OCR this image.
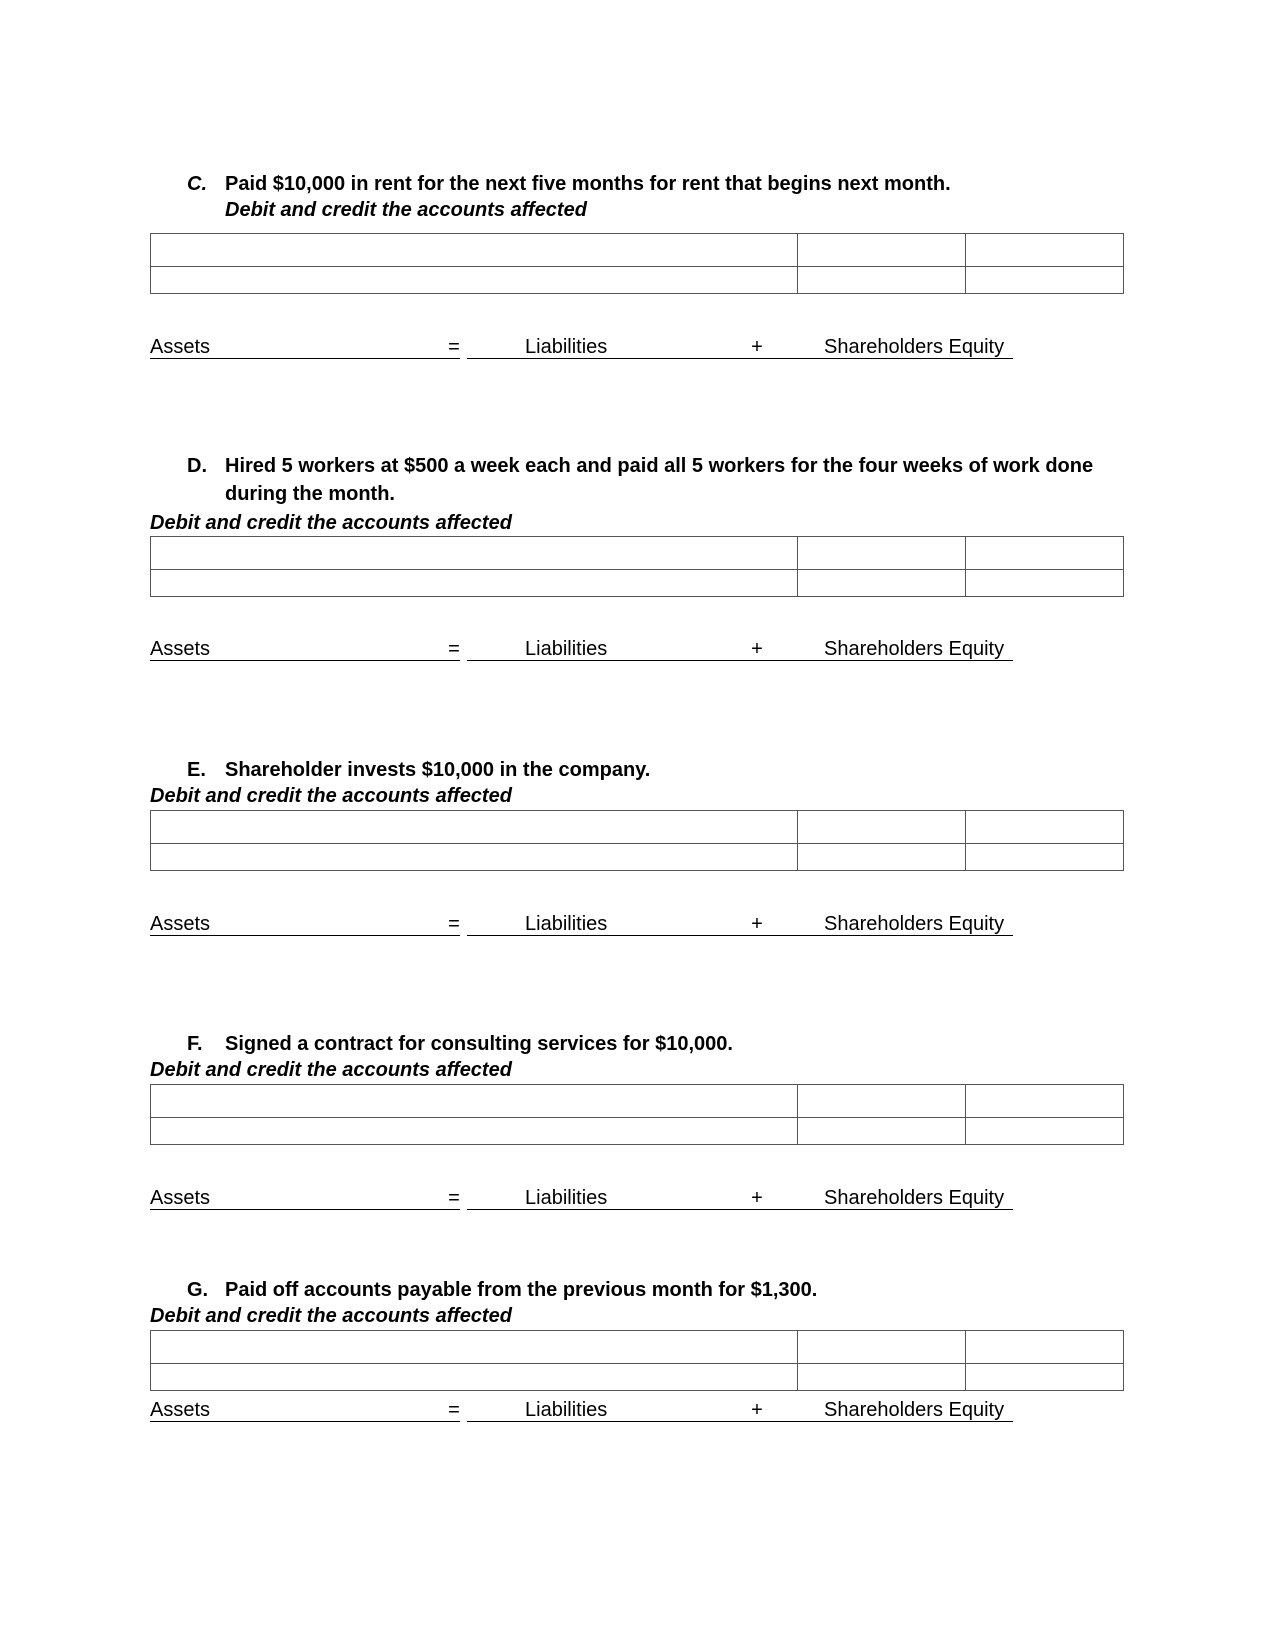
C. Paid $10,000 in rent for the next five months for rent that begins next month.
Debit and credit the accounts affected

Assets	=	Liabilities	+	Shareholders Equity
D. Hired 5 workers at $500 a week each and paid all 5 workers for the four weeks of work done during the month.
Debit and credit the accounts affected

Assets	=	Liabilities	+	Shareholders Equity
E. Shareholder invests $10,000 in the company.
Debit and credit the accounts affected

Assets	=	Liabilities	+	Shareholders Equity
F. Signed a contract for consulting services for $10,000.
Debit and credit the accounts affected

Assets	=	Liabilities	+	Shareholders Equity
G. Paid off accounts payable from the previous month for $1,300.
Debit and credit the accounts affected

Assets	=	Liabilities	+	Shareholders Equity
